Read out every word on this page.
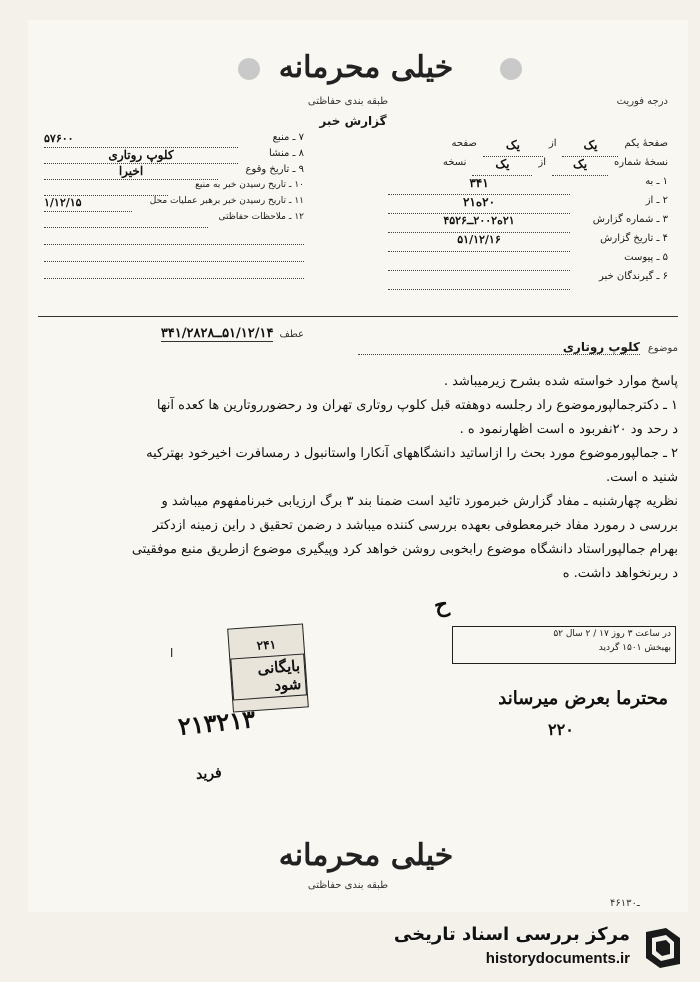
خیلی محرمانه
طبقه بندی حفاظتی
گزارش خبر
درجه فوریت
صفحهٔ یکم
یک
از
یک
صفحه
نسخهٔ شماره
یک
از
یک
نسخه
۱ ـ به
۳۴۱
۲ ـ از
۲۰ه۲۱
۳ ـ شماره گزارش
۲۱ه۲۰۰۲ــ۴۵۲۶
۴ ـ تاریخ گزارش
۵۱/۱۲/۱۶
۵ ـ پیوست
۶ ـ گیرندگان خبر
۷ ـ منبع
۵۷۶۰۰
۸ ـ منشا
کلوپ روتاری
۹ ـ تاریخ وقوع
اخیرا
۱۰ ـ تاریخ رسیدن خبر به منبع
۱۱ ـ تاریخ رسیدن خبر برهبر عملیات محل
۱/۱۲/۱۵
۱۲ ـ ملاحظات حفاظتی
عطف
۵۱/۱۲/۱۴ــ۳۴۱/۲۸۲۸
موضوع
کلوپ روتاری
پاسخ موارد خواسته شده بشرح زیرمیباشد .
۱ ـ دکترجمالپورموضوع راد رجلسه دوهفته قبل کلوپ روتاری تهران ود رحضورروتارین ها کعده آنها
د رحد ود ۲۰نفربود ه است اظهارنمود ه .
۲ ـ جمالپورموضوع مورد بحث را ازاساتید دانشگاههای آنکارا واستانبول د رمسافرت اخیرخود بهترکیه
شنید ه است.
نظریه چهارشنبه ـ مفاد گزارش خبرمورد تائید است ضمنا بند ۳ برگ ارزیابی خبرنامفهوم میباشد و
بررسی د رمورد مفاد خبرمعطوفی بعهده بررسی کننده میباشد د رضمن تحقیق د راین زمینه ازدکتر
بهرام جمالپوراستاد دانشگاه موضوع رابخوبی روشن خواهد کرد وپیگیری موضوع ازطریق منبع موفقیتی
د ربرنخواهد داشت. ه
ح
در ساعت ۳ روز ۱۷ / ۲ سال ۵۲
بهبخش ۱۵۰۱ گردید
۲۴۱
بایگانی شود
۲۱۳۲۱۳
محترما بعرض میرساند
۲۲۰
فرید
ا
خیلی محرمانه
طبقه بندی حفاظتی
۴۶ـ۱۳۰
مرکز بررسی اسناد تاریخی
historydocuments.ir
